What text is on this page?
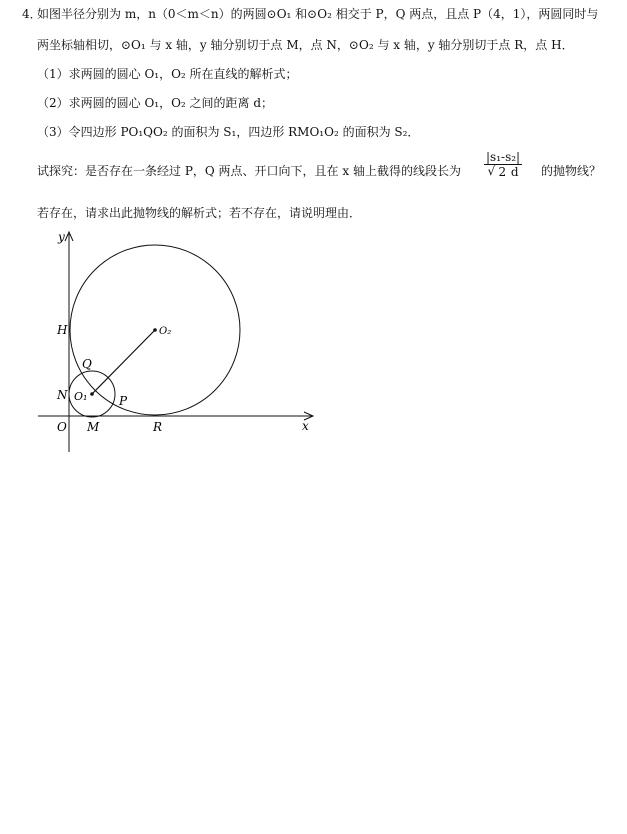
4．
如图半径分别为 m，n（0＜m＜n）的两圆⊙O₁ 和⊙O₂ 相交于 P，Q 两点，且点 P（4，1），两圆同时与
两坐标轴相切，⊙O₁ 与 x 轴，y 轴分别切于点 M，点 N，⊙O₂ 与 x 轴，y 轴分别切于点 R，点 H．
（1）求两圆的圆心 O₁，O₂ 所在直线的解析式；
（2）求两圆的圆心 O₁，O₂ 之间的距离 d；
（3）令四边形 PO₁QO₂ 的面积为 S₁，四边形 RMO₁O₂ 的面积为 S₂．
试探究：是否存在一条经过 P，Q 两点、开口向下，且在 x 轴上截得的线段长为
|s₁-s₂|
√ 2 d 的抛物线？
若存在，请求出此抛物线的解析式；若不存在，请说明理由．
y
x
O
H	O₂
Q
N O₁	P
M	R
